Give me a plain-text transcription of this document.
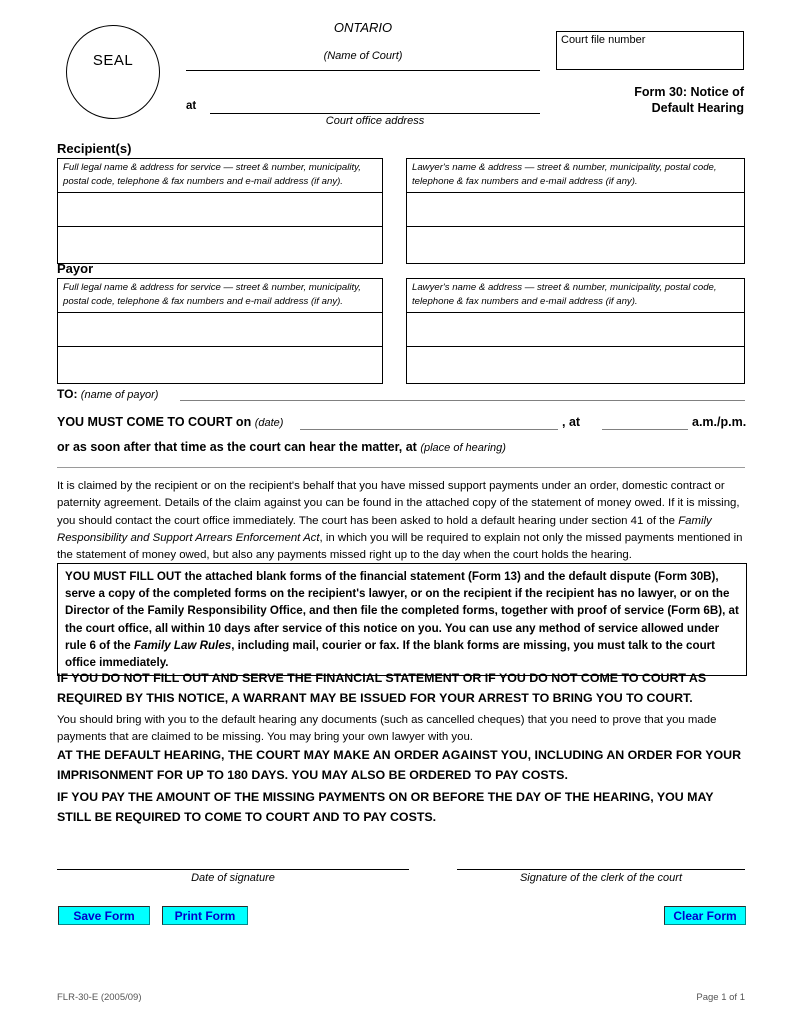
SEAL
ONTARIO
(Name of Court)
at
Court office address
Court file number
Form 30: Notice of
Default Hearing
Recipient(s)
Full legal name & address for service — street & number, municipality, postal code, telephone & fax numbers and e-mail address (if any).
Lawyer's name & address — street & number, municipality, postal code, telephone & fax numbers and e-mail address (if any).
Payor
Full legal name & address for service — street & number, municipality, postal code, telephone & fax numbers and e-mail address (if any).
Lawyer's name & address — street & number, municipality, postal code, telephone & fax numbers and e-mail address (if any).
TO: (name of payor)
YOU MUST COME TO COURT on (date)	, at	a.m./p.m.
or as soon after that time as the court can hear the matter, at (place of hearing)
It is claimed by the recipient or on the recipient's behalf that you have missed support payments under an order, domestic contract or paternity agreement. Details of the claim against you can be found in the attached copy of the statement of money owed. If it is missing, you should contact the court office immediately. The court has been asked to hold a default hearing under section 41 of the Family Responsibility and Support Arrears Enforcement Act, in which you will be required to explain not only the missed payments mentioned in the statement of money owed, but also any payments missed right up to the day when the court holds the hearing.
YOU MUST FILL OUT the attached blank forms of the financial statement (Form 13) and the default dispute (Form 30B), serve a copy of the completed forms on the recipient's lawyer, or on the recipient if the recipient has no lawyer, or on the Director of the Family Responsibility Office, and then file the completed forms, together with proof of service (Form 6B), at the court office, all within 10 days after service of this notice on you. You can use any method of service allowed under rule 6 of the Family Law Rules, including mail, courier or fax. If the blank forms are missing, you must talk to the court office immediately.
IF YOU DO NOT FILL OUT AND SERVE THE FINANCIAL STATEMENT OR IF YOU DO NOT COME TO COURT AS REQUIRED BY THIS NOTICE, A WARRANT MAY BE ISSUED FOR YOUR ARREST TO BRING YOU TO COURT.
You should bring with you to the default hearing any documents (such as cancelled cheques) that you need to prove that you made payments that are claimed to be missing. You may bring your own lawyer with you.
AT THE DEFAULT HEARING, THE COURT MAY MAKE AN ORDER AGAINST YOU, INCLUDING AN ORDER FOR YOUR IMPRISONMENT FOR UP TO 180 DAYS. YOU MAY ALSO BE ORDERED TO PAY COSTS.
IF YOU PAY THE AMOUNT OF THE MISSING PAYMENTS ON OR BEFORE THE DAY OF THE HEARING, YOU MAY STILL BE REQUIRED TO COME TO COURT AND TO PAY COSTS.
Date of signature	Signature of the clerk of the court
Save Form	Print Form	Clear Form
FLR-30-E (2005/09)	Page 1 of 1
